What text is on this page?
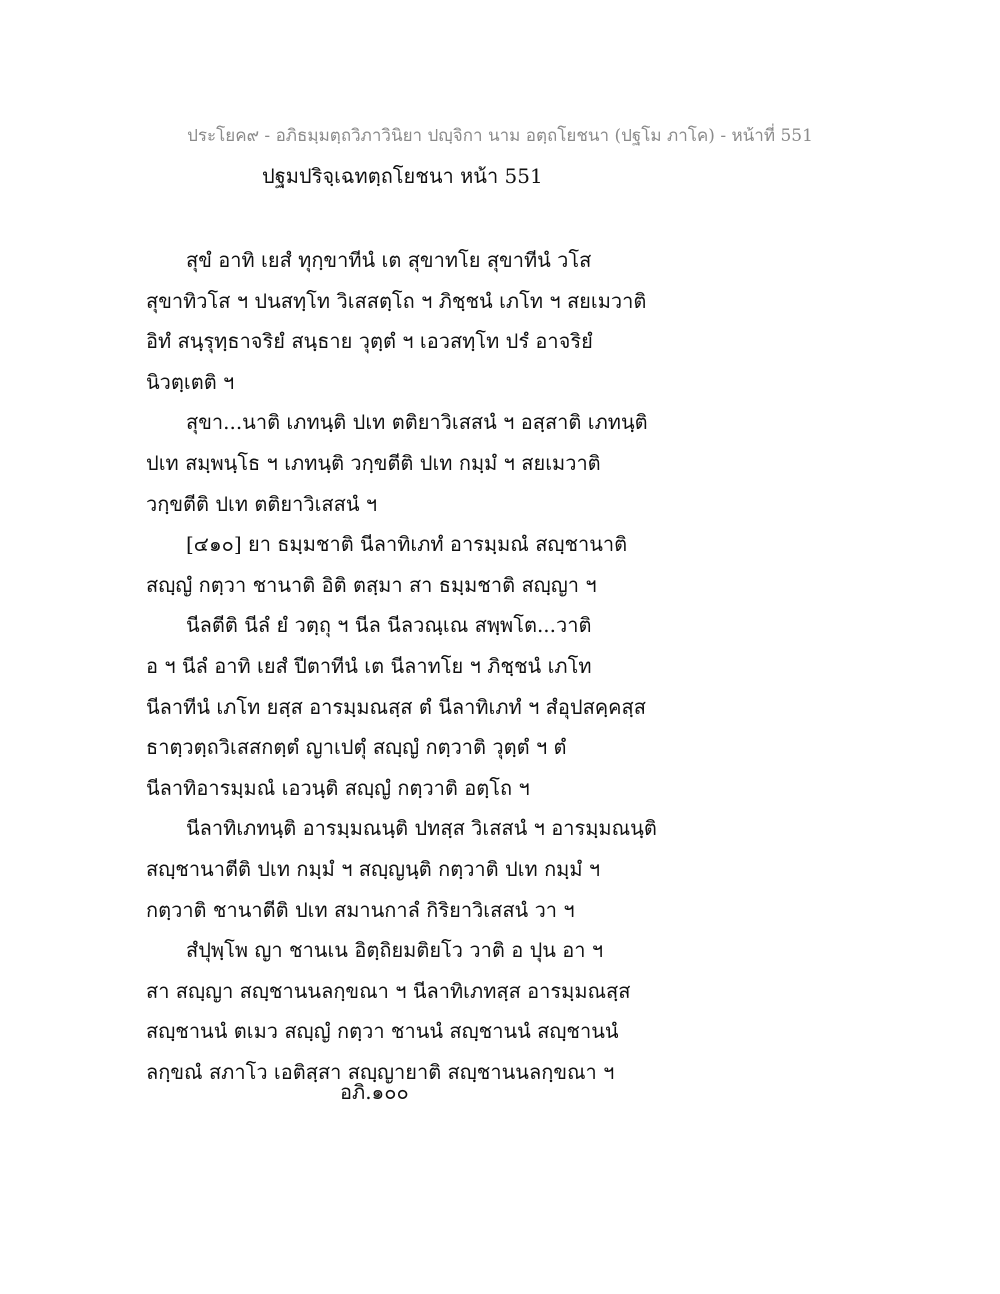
ประโยค๙ - อภิธมฺมตฺถวิภาวินิยา ปญฺจิกา นาม อตฺถโยชนา (ปฐโม ภาโค) - หน้าที่ 551
ปฐมปริจฺเฉทตฺถโยชนา หน้า 551
สุขํ อาทิ เยสํ ทุกฺขาทีนํ เต สุขาทโย สุขาทีนํ วโส
สุขาทิวโส ฯ ปนสทฺโท วิเสสตฺโถ ฯ ภิชฺชนํ เภโท ฯ สยเมวาติ
อิทํ สนฺรุทฺธาจริยํ สนฺธาย วุตฺตํ ฯ เอวสทฺโท ปรํ อาจริยํ
นิวตฺเตติ ฯ
สุขา...นาติ เภทนฺติ ปเท ตติยาวิเสสนํ ฯ อสฺสาติ เภทนฺติ
ปเท สมฺพนฺโธ ฯ เภทนฺติ วกฺขตีติ ปเท กมฺมํ ฯ สยเมวาติ
วกฺขตีติ ปเท ตติยาวิเสสนํ ฯ
[๔๑๐] ยา ธมฺมชาติ นีลาทิเภทํ อารมฺมณํ สญฺชานาติ
สญฺญํ กตฺวา ชานาติ อิติ ตสฺมา สา ธมฺมชาติ สญฺญา ฯ
นีลตีติ นีลํ ยํ วตฺถุ ฯ นีล นีลวณฺเณ สพฺพโต...วาติ
อ ฯ นีลํ อาทิ เยสํ ปีตาทีนํ เต นีลาทโย ฯ ภิชฺชนํ เภโท
นีลาทีนํ เภโท ยสฺส อารมฺมณสฺส ตํ นีลาทิเภทํ ฯ สํอุปสคฺคสฺส
ธาตฺวตฺถวิเสสกตฺตํ ญาเปตุํ สญฺญํ กตฺวาติ วุตฺตํ ฯ ตํ
นีลาทิอารมฺมณํ เอวนฺติ สญฺญํ กตฺวาติ อตฺโถ ฯ
นีลาทิเภทนฺติ อารมฺมณนฺติ ปทสฺส วิเสสนํ ฯ อารมฺมณนฺติ
สญฺชานาตีติ ปเท กมฺมํ ฯ สญฺญนฺติ กตฺวาติ ปเท กมฺมํ ฯ
กตฺวาติ ชานาตีติ ปเท สมานกาลํ กิริยาวิเสสนํ วา ฯ
สํปุพฺโพ ญา ชานเน อิตฺถิยมติยโว วาติ อ ปุน อา ฯ
สา สญฺญา สญฺชานนลกฺขณา ฯ นีลาทิเภทสฺส อารมฺมณสฺส
สญฺชานนํ ตเมว สญฺญํ กตฺวา ชานนํ สญฺชานนํ สญฺชานนํ
ลกฺขณํ สภาโว เอติสฺสา สญฺญายาติ สญฺชานนลกฺขณา ฯ
อภิ.๑๐๐
